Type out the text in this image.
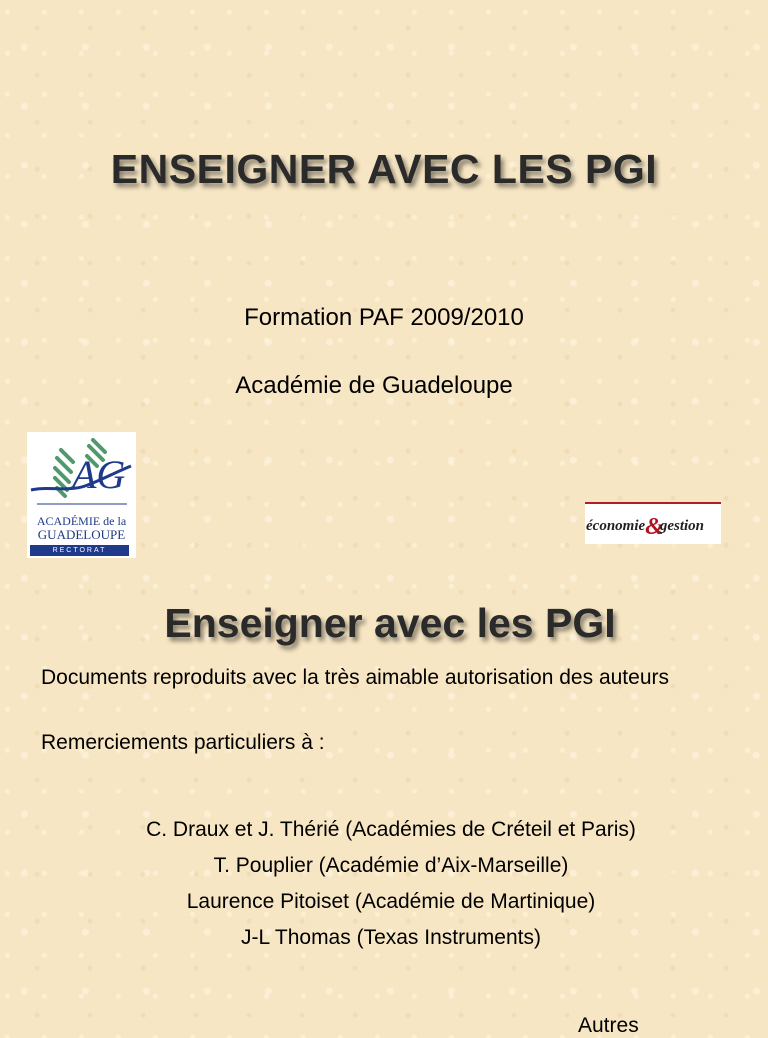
ENSEIGNER AVEC LES PGI
Formation PAF 2009/2010
Académie de Guadeloupe
AG
ACADÉMIE de la
GUADELOUPE
RECTORAT
économie&gestion
Enseigner avec les PGI
Documents reproduits avec la très aimable autorisation des auteurs
Remerciements particuliers à :
C. Draux et J. Thérié (Académies de Créteil et Paris)
T. Pouplier (Académie d’Aix-Marseille)
Laurence Pitoiset (Académie de Martinique)
J-L Thomas (Texas Instruments)
Autres
